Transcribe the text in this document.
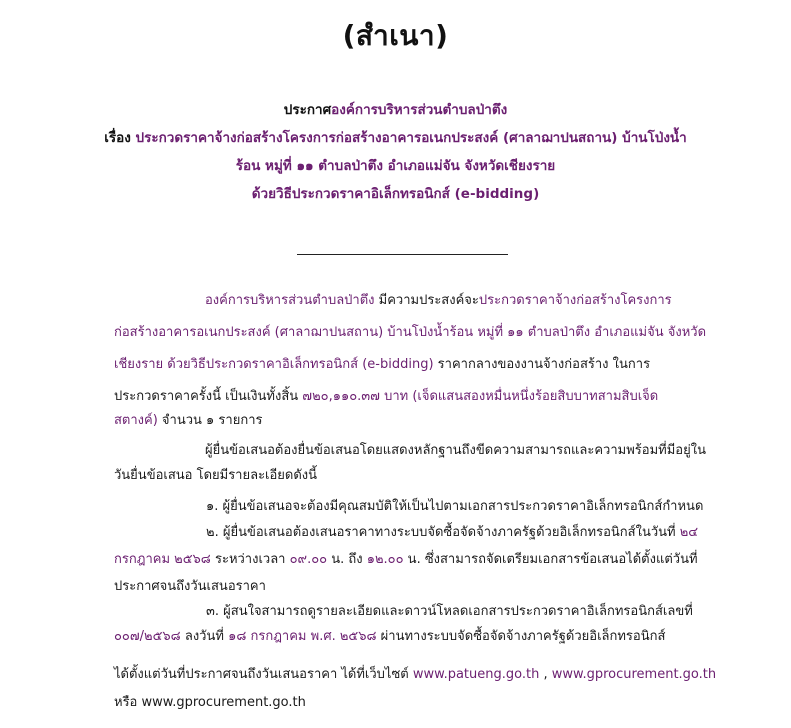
(สำเนา)
ประกาศองค์การบริหารส่วนตำบลป่าตึง
เรื่อง ประกวดราคาจ้างก่อสร้างโครงการก่อสร้างอาคารอเนกประสงค์ (ศาลาฌาปนสถาน) บ้านโป่งน้ำ
ร้อน หมู่ที่ ๑๑ ตำบลป่าตึง อำเภอแม่จัน จังหวัดเชียงราย
ด้วยวิธีประกวดราคาอิเล็กทรอนิกส์ (e-bidding)
องค์การบริหารส่วนตำบลป่าตึง มีความประสงค์จะประกวดราคาจ้างก่อสร้างโครงการ
ก่อสร้างอาคารอเนกประสงค์ (ศาลาฌาปนสถาน) บ้านโป่งน้ำร้อน หมู่ที่ ๑๑ ตำบลป่าตึง อำเภอแม่จัน จังหวัด
เชียงราย ด้วยวิธีประกวดราคาอิเล็กทรอนิกส์ (e-bidding) ราคากลางของงานจ้างก่อสร้าง ในการ
ประกวดราคาครั้งนี้ เป็นเงินทั้งสิ้น ๗๒๐,๑๑๐.๓๗ บาท (เจ็ดแสนสองหมื่นหนึ่งร้อยสิบบาทสามสิบเจ็ด
สตางค์) จำนวน ๑ รายการ
ผู้ยื่นข้อเสนอต้องยื่นข้อเสนอโดยแสดงหลักฐานถึงขีดความสามารถและความพร้อมที่มีอยู่ใน
วันยื่นข้อเสนอ โดยมีรายละเอียดดังนี้
๑. ผู้ยื่นข้อเสนอจะต้องมีคุณสมบัติให้เป็นไปตามเอกสารประกวดราคาอิเล็กทรอนิกส์กำหนด
๒. ผู้ยื่นข้อเสนอต้องเสนอราคาทางระบบจัดซื้อจัดจ้างภาครัฐด้วยอิเล็กทรอนิกส์ในวันที่ ๒๔
กรกฎาคม ๒๕๖๘ ระหว่างเวลา ๐๙.๐๐ น. ถึง ๑๒.๐๐ น. ซึ่งสามารถจัดเตรียมเอกสารข้อเสนอได้ตั้งแต่วันที่
ประกาศจนถึงวันเสนอราคา
๓. ผู้สนใจสามารถดูรายละเอียดและดาวน์โหลดเอกสารประกวดราคาอิเล็กทรอนิกส์เลขที่
๐๐๗/๒๕๖๘ ลงวันที่ ๑๘ กรกฎาคม พ.ศ. ๒๕๖๘ ผ่านทางระบบจัดซื้อจัดจ้างภาครัฐด้วยอิเล็กทรอนิกส์
ได้ตั้งแต่วันที่ประกาศจนถึงวันเสนอราคา ได้ที่เว็บไซต์ www.patueng.go.th , www.gprocurement.go.th
หรือ www.gprocurement.go.th
